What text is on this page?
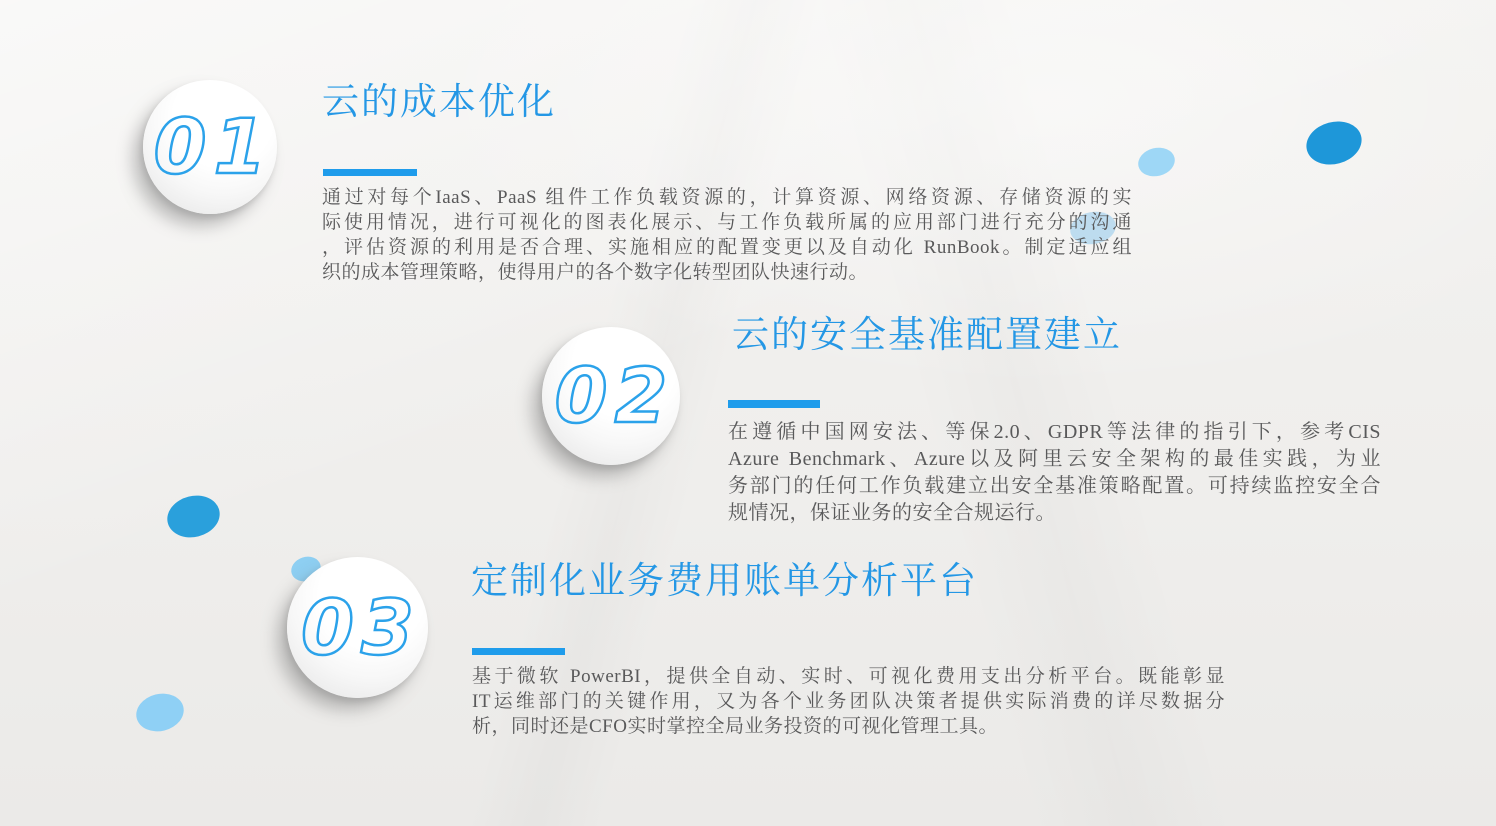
01 云的成本优化
通过对每个IaaS、PaaS 组件工作负载资源的，计算资源、网络资源、存储资源的实
际使用情况，进行可视化的图表化展示、与工作负载所属的应用部门进行充分的沟通
，评估资源的利用是否合理、实施相应的配置变更以及自动化 RunBook。制定适应组
织的成本管理策略，使得用户的各个数字化转型团队快速行动。
02
云的安全基准配置建立
在遵循中国网安法、等保2.0、GDPR等法律的指引下，参考CIS
Azure Benchmark、Azure以及阿里云安全架构的最佳实践，为业
务部门的任何工作负载建立出安全基准策略配置。可持续监控安全合
规情况，保证业务的安全合规运行。
03
定制化业务费用账单分析平台
基于微软 PowerBI，提供全自动、实时、可视化费用支出分析平台。既能彰显
IT运维部门的关键作用，又为各个业务团队决策者提供实际消费的详尽数据分
析，同时还是CFO实时掌控全局业务投资的可视化管理工具。
